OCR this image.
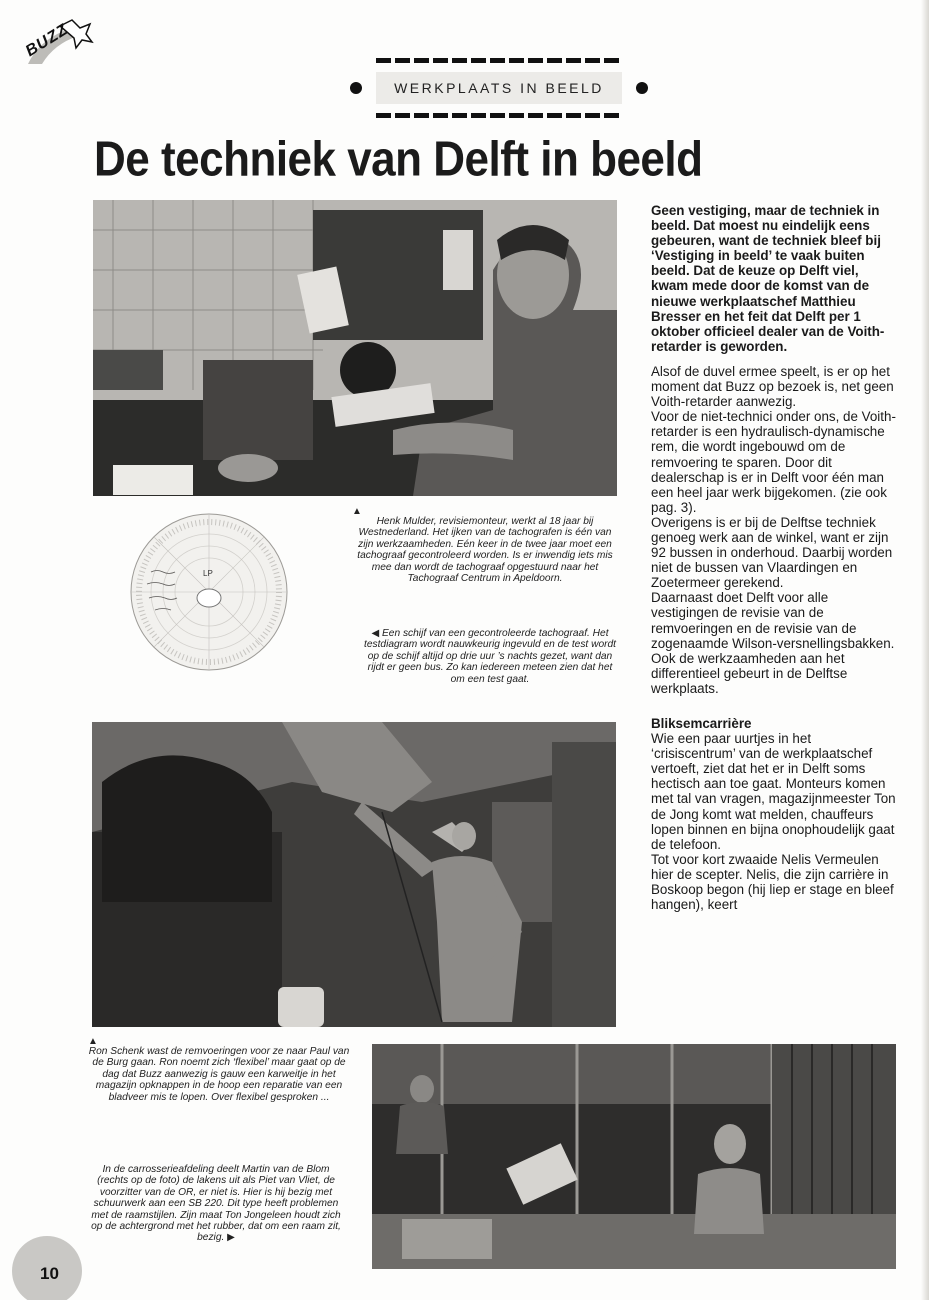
BUZZ
WERKPLAATS IN BEELD
De techniek van Delft in beeld
▲
Henk Mulder, revisiemonteur, werkt al 18 jaar bij Westnederland. Het ijken van de tachografen is één van zijn werkzaamheden. Eén keer in de twee jaar moet een tachograaf gecontroleerd worden. Is er inwendig iets mis mee dan wordt de tachograaf opgestuurd naar het Tachograaf Centrum in Apeldoorn.
LP
◀ Een schijf van een gecontroleerde tachograaf. Het testdiagram wordt nauwkeurig ingevuld en de test wordt op de schijf altijd op drie uur ’s nachts gezet, want dan rijdt er geen bus. Zo kan iedereen meteen zien dat het om een test gaat.
▲
Ron Schenk wast de remvoeringen voor ze naar Paul van de Burg gaan. Ron noemt zich ‘flexibel’ maar gaat op de dag dat Buzz aanwezig is gauw een karweitje in het magazijn opknappen in de hoop een reparatie van een bladveer mis te lopen. Over flexibel gesproken ...
In de carrosserieafdeling deelt Martin van de Blom (rechts op de foto) de lakens uit als Piet van Vliet, de voorzitter van de OR, er niet is. Hier is hij bezig met schuurwerk aan een SB 220. Dit type heeft problemen met de raamstijlen. Zijn maat Ton Jongeleen houdt zich op de achtergrond met het rubber, dat om een raam zit, bezig. ▶

Geen vestiging, maar de techniek in beeld. Dat moest nu eindelijk eens gebeuren, want de techniek bleef bij ‘Vestiging in beeld’ te vaak buiten beeld. Dat de keuze op Delft viel, kwam mede door de komst van de nieuwe werkplaatschef Matthieu Bresser en het feit dat Delft per 1 oktober officieel dealer van de Voith-retarder is geworden.

Alsof de duvel ermee speelt, is er op het moment dat Buzz op bezoek is, net geen Voith-retarder aanwezig.

Voor de niet-technici onder ons, de Voith-retarder is een hydraulisch-dynamische rem, die wordt ingebouwd om de remvoering te sparen. Door dit dealerschap is er in Delft voor één man een heel jaar werk bijgekomen. (zie ook pag. 3).

Overigens is er bij de Delftse techniek genoeg werk aan de winkel, want er zijn 92 bussen in onderhoud. Daarbij worden niet de bussen van Vlaardingen en Zoetermeer gerekend.

Daarnaast doet Delft voor alle vestigingen de revisie van de remvoeringen en de revisie van de zogenaamde Wilson-versnellingsbakken. Ook de werkzaamheden aan het differentieel gebeurt in de Delftse werkplaats.

Bliksemcarrière

Wie een paar uurtjes in het ‘crisiscentrum’ van de werkplaatschef vertoeft, ziet dat het er in Delft soms hectisch aan toe gaat. Monteurs komen met tal van vragen, magazijnmeester Ton de Jong komt wat melden, chauffeurs lopen binnen en bijna onophoudelijk gaat de telefoon.

Tot voor kort zwaaide Nelis Vermeulen hier de scepter. Nelis, die zijn carrière in Boskoop begon (hij liep er stage en bleef hangen), keert

10
